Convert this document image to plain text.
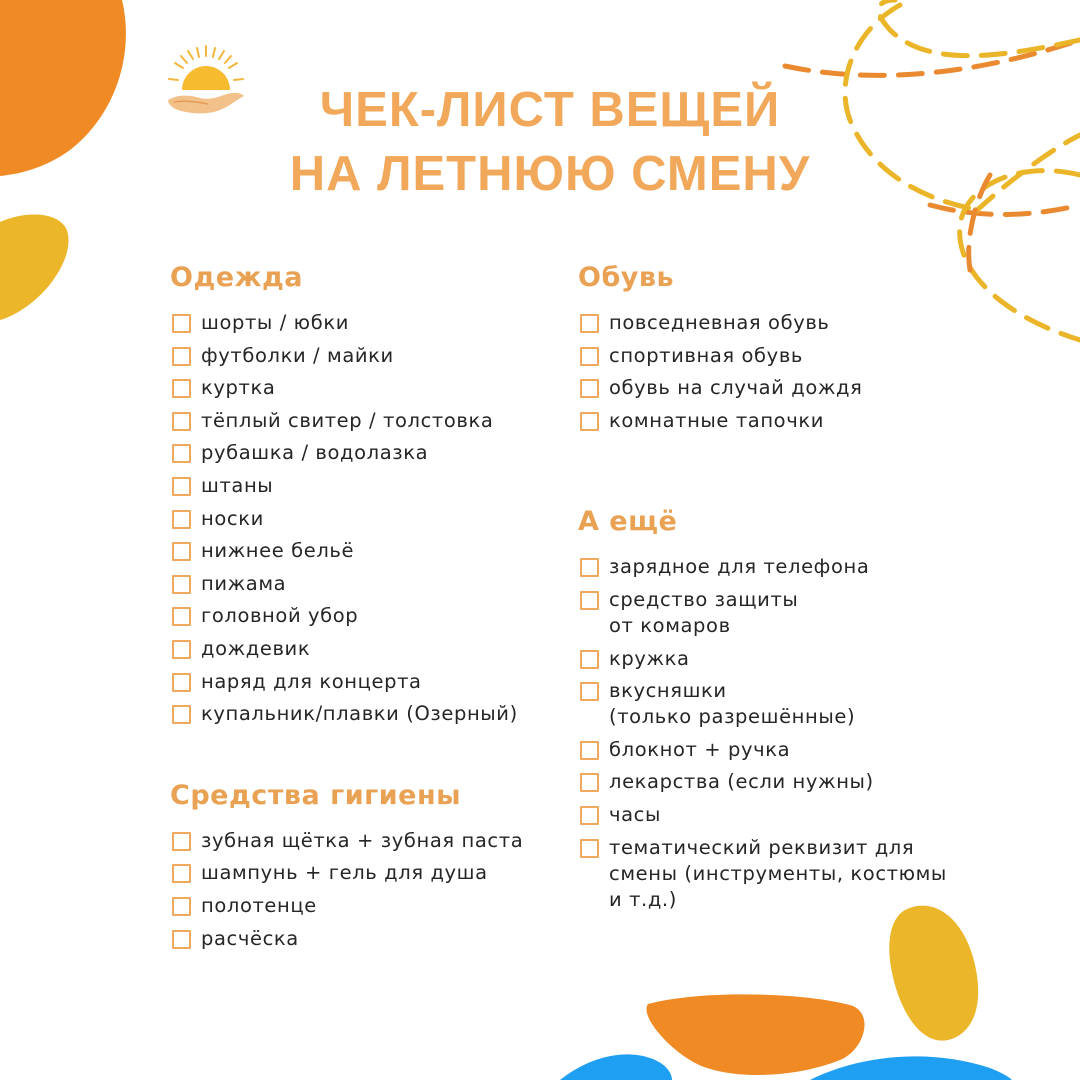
ЧЕК-ЛИСТ ВЕЩЕЙ
НА ЛЕТНЮЮ СМЕНУ
Одежда
шорты / юбки
футболки / майки
куртка
тёплый свитер / толстовка
рубашка / водолазка
штаны
носки
нижнее бельё
пижама
головной убор
дождевик
наряд для концерта
купальник/плавки (Озерный)
Средства гигиены
зубная щётка + зубная паста
шампунь + гель для душа
полотенце
расчёска
Обувь
повседневная обувь
спортивная обувь
обувь на случай дождя
комнатные тапочки
А ещё
зарядное для телефона
средство защиты
от комаров
кружка
вкусняшки
(только разрешённые)
блокнот + ручка
лекарства (если нужны)
часы
тематический реквизит для
смены (инструменты, костюмы
и т.д.)
